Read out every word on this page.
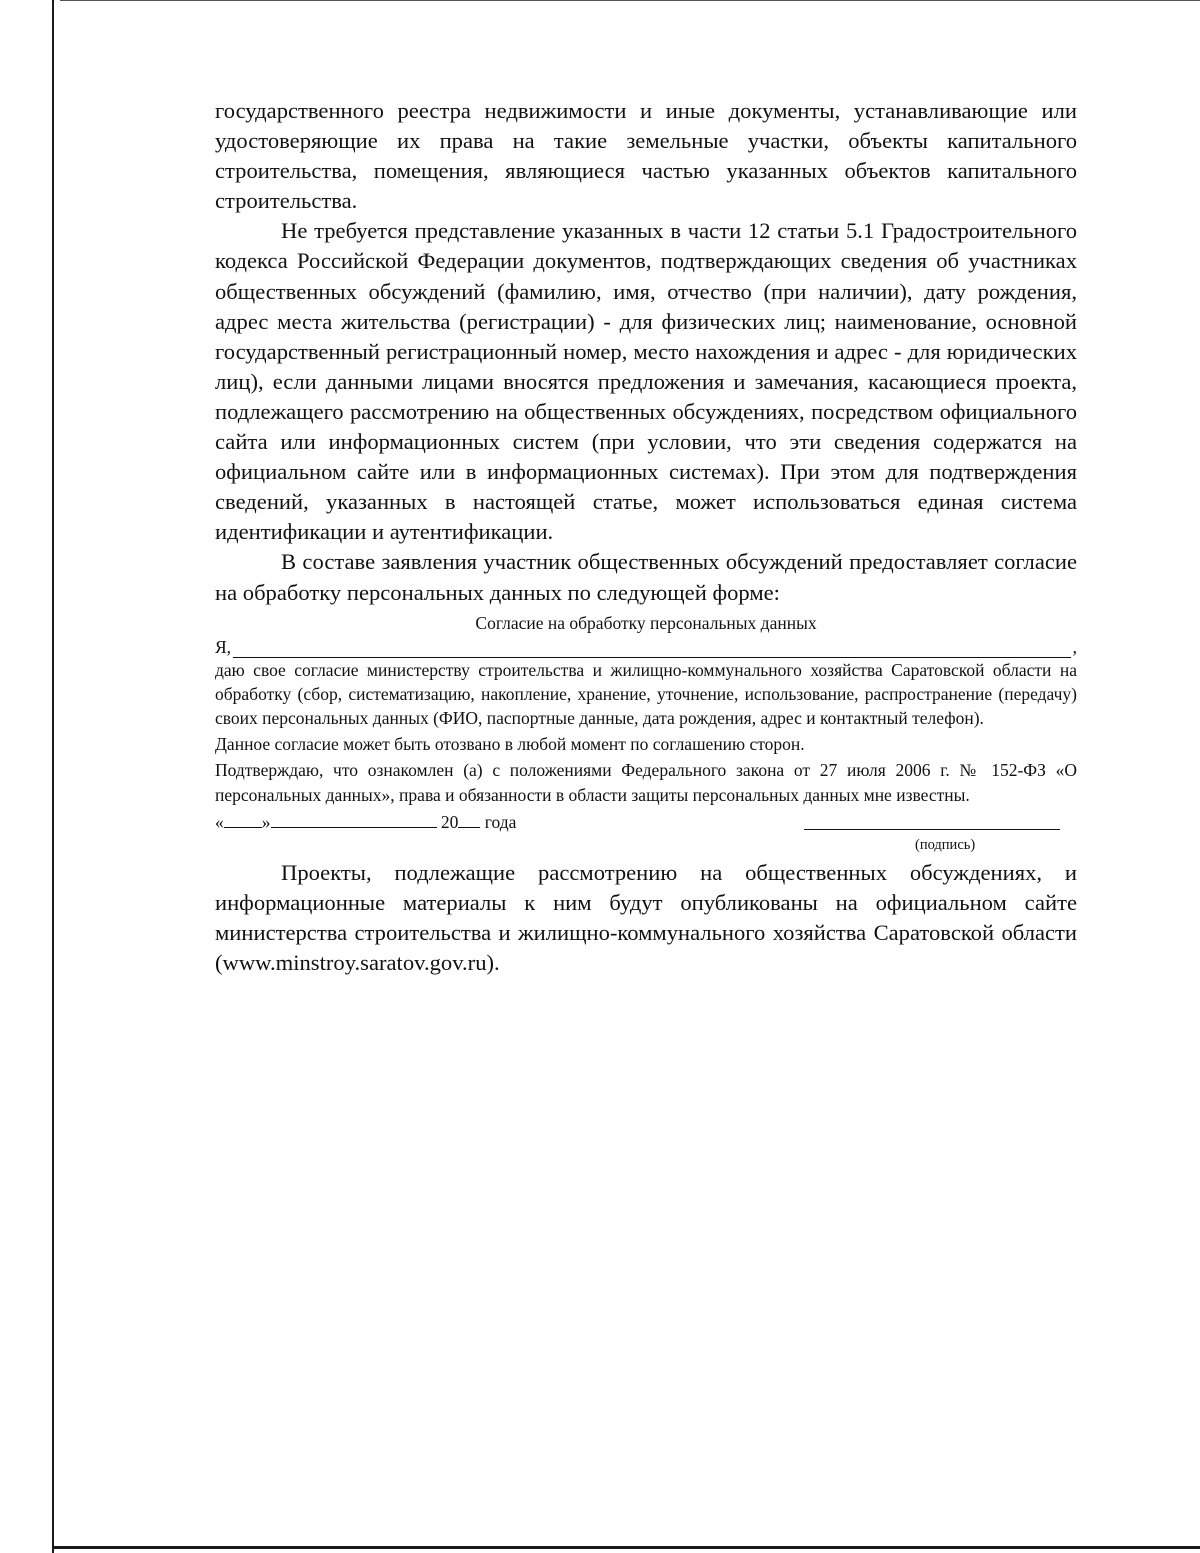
государственного реестра недвижимости и иные документы, устанавливающие или удостоверяющие их права на такие земельные участки, объекты капитального строительства, помещения, являющиеся частью указанных объектов капитального строительства.

Не требуется представление указанных в части 12 статьи 5.1 Градостроительного кодекса Российской Федерации документов, подтверждающих сведения об участниках общественных обсуждений (фамилию, имя, отчество (при наличии), дату рождения, адрес места жительства (регистрации) - для физических лиц; наименование, основной государственный регистрационный номер, место нахождения и адрес - для юридических лиц), если данными лицами вносятся предложения и замечания, касающиеся проекта, подлежащего рассмотрению на общественных обсуждениях, посредством официального сайта или информационных систем (при условии, что эти сведения содержатся на официальном сайте или в информационных системах). При этом для подтверждения сведений, указанных в настоящей статье, может использоваться единая система идентификации и аутентификации.

В составе заявления участник общественных обсуждений предоставляет согласие на обработку персональных данных по следующей форме:

Согласие на обработку персональных данных

Я,	,

даю свое согласие министерству строительства и жилищно-коммунального хозяйства Саратовской области на обработку (сбор, систематизацию, накопление, хранение, уточнение, использование, распространение (передачу) своих персональных данных (ФИО, паспортные данные, дата рождения, адрес и контактный телефон).

Данное согласие может быть отозвано в любой момент по соглашению сторон.

Подтверждаю, что ознакомлен (а) с положениями Федерального закона от 27 июля 2006 г. № 152-ФЗ «О персональных данных», права и обязанности в области защиты персональных данных мне известны.

« »	20 года
(подпись)

Проекты, подлежащие рассмотрению на общественных обсуждениях, и информационные материалы к ним будут опубликованы на официальном сайте министерства строительства и жилищно-коммунального хозяйства Саратовской области (www.minstroy.saratov.gov.ru).
